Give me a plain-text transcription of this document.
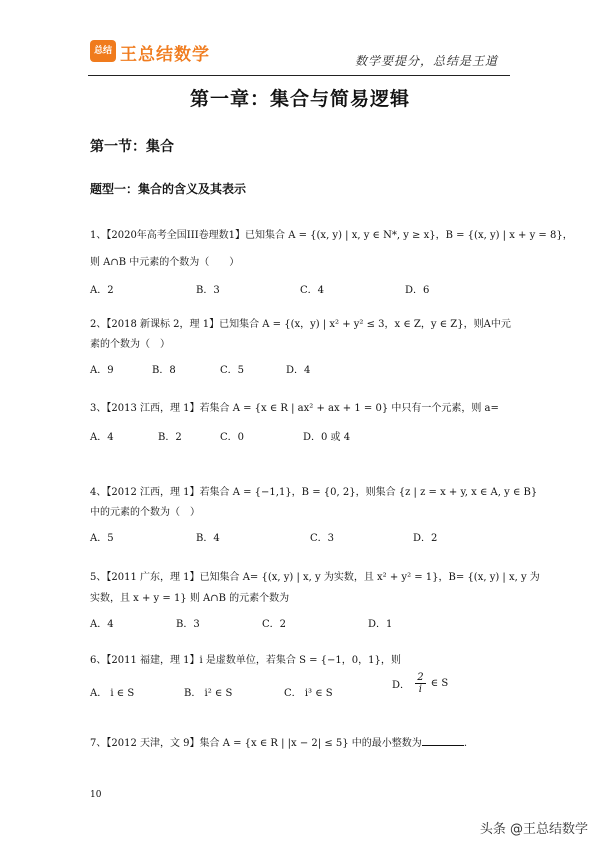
总结 王总结数学	数学要提分，总结是王道
第一章：集合与简易逻辑
第一节：集合
题型一：集合的含义及其表示
1、【2020年高考全国III卷理数1】已知集合 A = {(x, y) | x, y ∈ N*, y ≥ x}，B = {(x, y) | x + y = 8}，
则 A∩B 中元素的个数为（　　）
A．2	B．3	C．4	D．6
2、【2018 新课标 2，理 1】已知集合 A = {(x，y) | x² + y² ≤ 3，x ∈ Z，y ∈ Z}，则A中元
素的个数为（　）
A．9	B．8	C．5	D．4
3、【2013 江西，理 1】若集合 A = {x ∈ R | ax² + ax + 1 = 0} 中只有一个元素，则 a=
A．4	B．2	C．0	D．0 或 4
4、【2012 江西，理 1】若集合 A = {−1,1}，B = {0, 2}，则集合 {z | z = x + y, x ∈ A, y ∈ B}
中的元素的个数为（　）
A．5	B．4	C．3	D．2
5、【2011 广东，理 1】已知集合 A= {(x, y) | x, y 为实数，且 x² + y² = 1}，B= {(x, y) | x, y 为
实数，且 x + y = 1} 则 A∩B 的元素个数为
A．4	B．3	C．2	D．1
6、【2011 福建，理 1】i 是虚数单位，若集合 S = {−1，0，1}，则
A． i ∈ S	B． i² ∈ S	C． i³ ∈ S
D． $\frac{2}{i}$ ∈ S
7、【2012 天津，文 9】集合 A = {x ∈ R | |x − 2| ≤ 5} 中的最小整数为	.
10
头条 @王总结数学
